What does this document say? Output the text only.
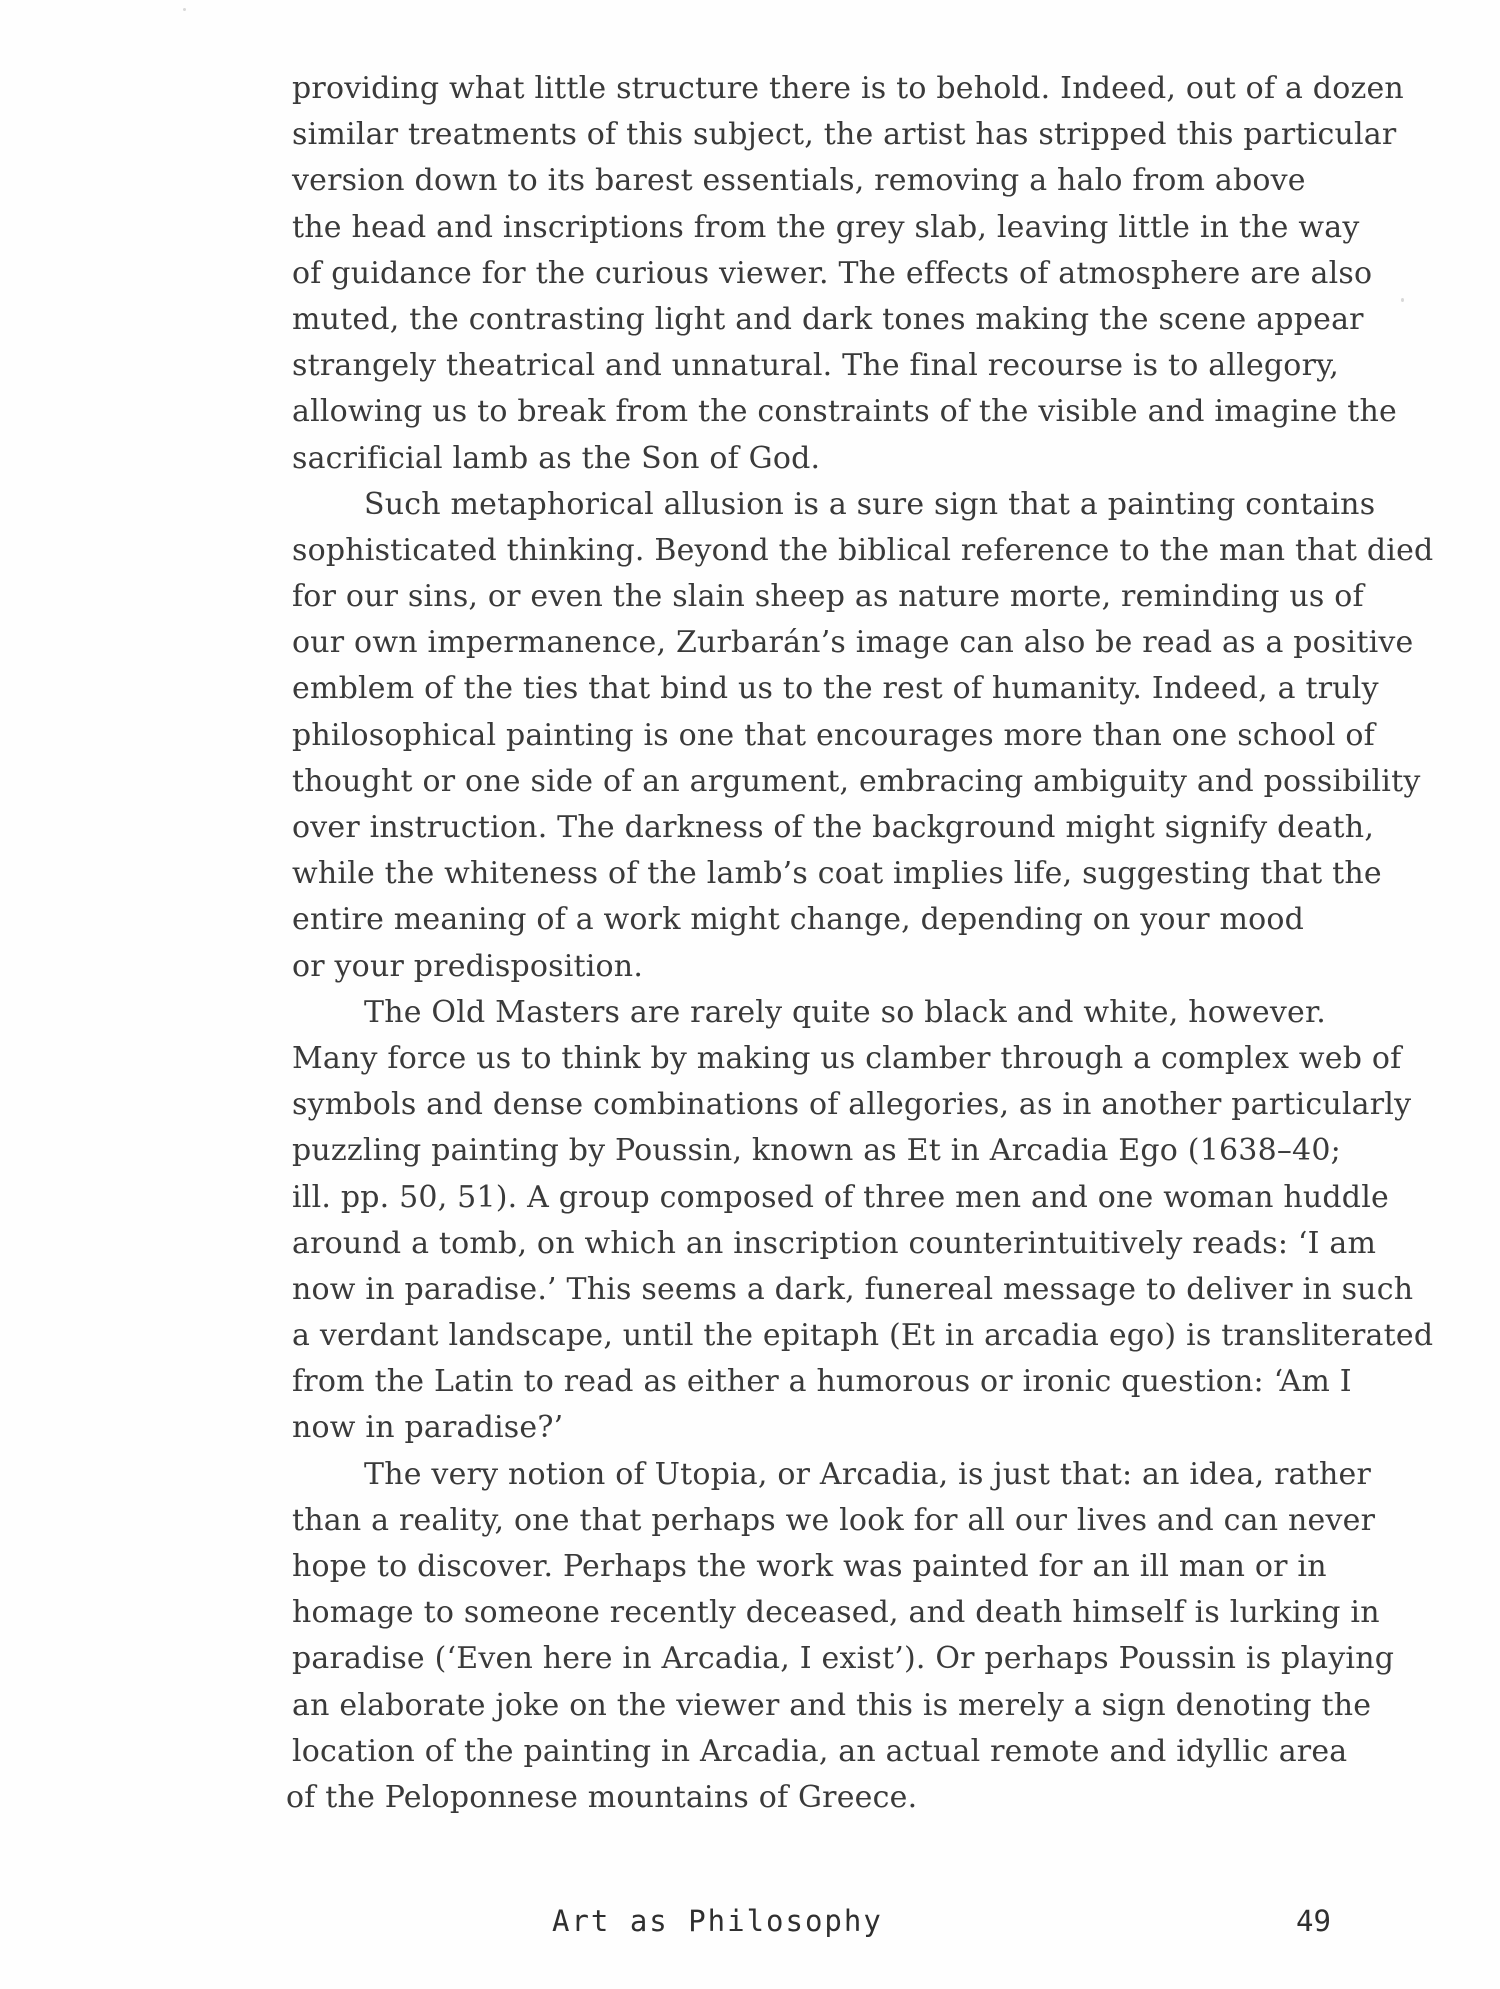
providing what little structure there is to behold. Indeed, out of a dozen
similar treatments of this subject, the artist has stripped this particular
version down to its barest essentials, removing a halo from above
the head and inscriptions from the grey slab, leaving little in the way
of guidance for the curious viewer. The effects of atmosphere are also
muted, the contrasting light and dark tones making the scene appear
strangely theatrical and unnatural. The final recourse is to allegory,
allowing us to break from the constraints of the visible and imagine the
sacrificial lamb as the Son of God.
Such metaphorical allusion is a sure sign that a painting contains
sophisticated thinking. Beyond the biblical reference to the man that died
for our sins, or even the slain sheep as nature morte, reminding us of
our own impermanence, Zurbarán’s image can also be read as a positive
emblem of the ties that bind us to the rest of humanity. Indeed, a truly
philosophical painting is one that encourages more than one school of
thought or one side of an argument, embracing ambiguity and possibility
over instruction. The darkness of the background might signify death,
while the whiteness of the lamb’s coat implies life, suggesting that the
entire meaning of a work might change, depending on your mood
or your predisposition.
The Old Masters are rarely quite so black and white, however.
Many force us to think by making us clamber through a complex web of
symbols and dense combinations of allegories, as in another particularly
puzzling painting by Poussin, known as Et in Arcadia Ego (1638–40;
ill. pp. 50, 51). A group composed of three men and one woman huddle
around a tomb, on which an inscription counterintuitively reads: ‘I am
now in paradise.’ This seems a dark, funereal message to deliver in such
a verdant landscape, until the epitaph (Et in arcadia ego) is transliterated
from the Latin to read as either a humorous or ironic question: ‘Am I
now in paradise?’
The very notion of Utopia, or Arcadia, is just that: an idea, rather
than a reality, one that perhaps we look for all our lives and can never
hope to discover. Perhaps the work was painted for an ill man or in
homage to someone recently deceased, and death himself is lurking in
paradise (‘Even here in Arcadia, I exist’). Or perhaps Poussin is playing
an elaborate joke on the viewer and this is merely a sign denoting the
location of the painting in Arcadia, an actual remote and idyllic area
of the Peloponnese mountains of Greece.
Art as Philosophy	49
